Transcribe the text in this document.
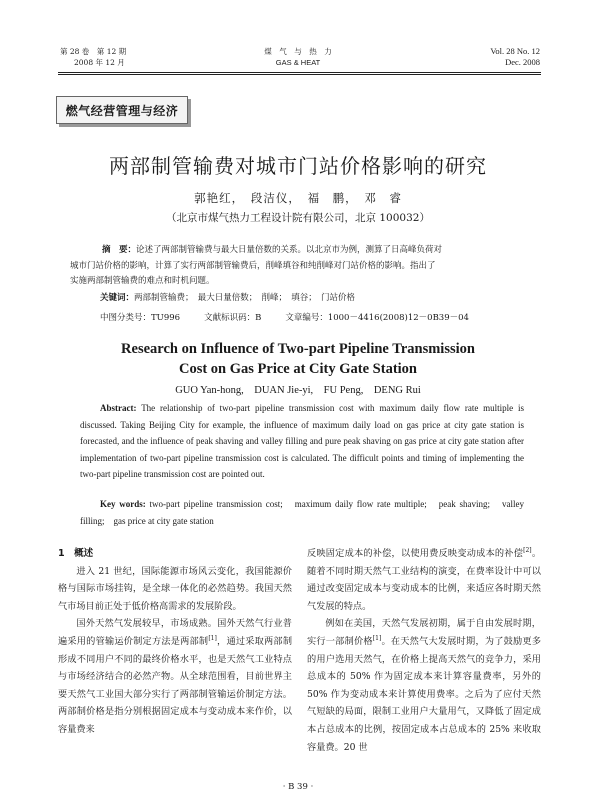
第 28 卷　第 12 期
2008 年 12 月
煤　气　与　热　力
GAS & HEAT
Vol. 28 No. 12
Dec. 2008
燃气经营管理与经济
两部制管输费对城市门站价格影响的研究
郭艳红，　段洁仪，　福　鹏，　邓　睿
（北京市煤气热力工程设计院有限公司，北京 100032）
摘　要：论述了两部制管输费与最大日量倍数的关系。以北京市为例，测算了日高峰负荷对
城市门站价格的影响，计算了实行两部制管输费后，削峰填谷和纯削峰对门站价格的影响。指出了
实施两部制管输费的难点和时机问题。
关键词：两部制管输费；　最大日量倍数；　削峰；　填谷；　门站价格
中图分类号：TU996	文献标识码：B	文章编号：1000－4416(2008)12－0B39－04
Research on Influence of Two-part Pipeline Transmission
Cost on Gas Price at City Gate Station
GUO Yan-hong,　DUAN Jie-yi,　FU Peng,　DENG Rui
Abstract: The relationship of two-part pipeline transmission cost with maximum daily flow rate multiple is discussed. Taking Beijing City for example, the influence of maximum daily load on gas price at city gate station is forecasted, and the influence of peak shaving and valley filling and pure peak shaving on gas price at city gate station after implementation of two-part pipeline transmission cost is calculated. The difficult points and timing of implementing the two-part pipeline transmission cost are pointed out.
Key words: two-part pipeline transmission cost;　maximum daily flow rate multiple;　peak shaving;　valley filling;　gas price at city gate station
1　概述

进入 21 世纪，国际能源市场风云变化，我国能源价格与国际市场挂钩，是全球一体化的必然趋势。我国天然气市场目前正处于低价格高需求的发展阶段。

国外天然气发展较早，市场成熟。国外天然气行业普遍采用的管输运价制定方法是两部制[1]，通过采取两部制形成不同用户不同的最终价格水平，也是天然气工业特点与市场经济结合的必然产物。从全球范围看，目前世界主要天然气工业国大部分实行了两部制管输运价制定方法。两部制价格是指分别根据固定成本与变动成本来作价，以容量费来

反映固定成本的补偿，以使用费反映变动成本的补偿[2]。随着不同时期天然气工业结构的演变，在费率设计中可以通过改变固定成本与变动成本的比例，来适应各时期天然气发展的特点。

例如在美国，天然气发展初期，属于自由发展时期，实行一部制价格[1]。在天然气大发展时期，为了鼓励更多的用户选用天然气，在价格上提高天然气的竞争力，采用总成本的 50% 作为固定成本来计算容量费率，另外的 50% 作为变动成本来计算使用费率。之后为了应付天然气短缺的局面，限制工业用户大量用气，又降低了固定成本占总成本的比例，按固定成本占总成本的 25% 来收取容量费。20 世

· B 39 ·
